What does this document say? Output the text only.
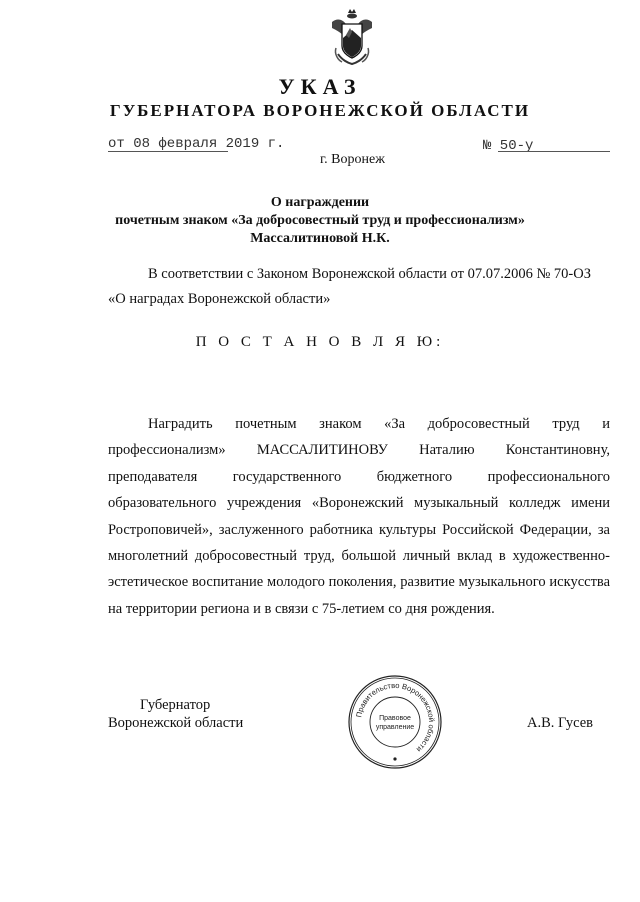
УКАЗ
ГУБЕРНАТОРА ВОРОНЕЖСКОЙ ОБЛАСТИ
от 08 февраля 2019 г.	№ 50-у
г. Воронеж
О награждении
почетным знаком «За добросовестный труд и профессионализм»
Массалитиновой Н.К.
В соответствии с Законом Воронежской области от 07.07.2006 № 70-ОЗ «О наградах Воронежской области»
П О С Т А Н О В Л Я Ю:
Наградить почетным знаком «За добросовестный труд и профессионализм» МАССАЛИТИНОВУ Наталию Константиновну, преподавателя государственного бюджетного профессионального образовательного учреждения «Воронежский музыкальный колледж имени Ростроповичей», заслуженного работника культуры Российской Федерации, за многолетний добросовестный труд, большой личный вклад в художественно-эстетическое воспитание молодого поколения, развитие музыкального искусства на территории региона и в связи с 75-летием со дня рождения.
Губернатор
Воронежской области	А.В. Гусев
Правительство Воронежской области
Правовое
управление
